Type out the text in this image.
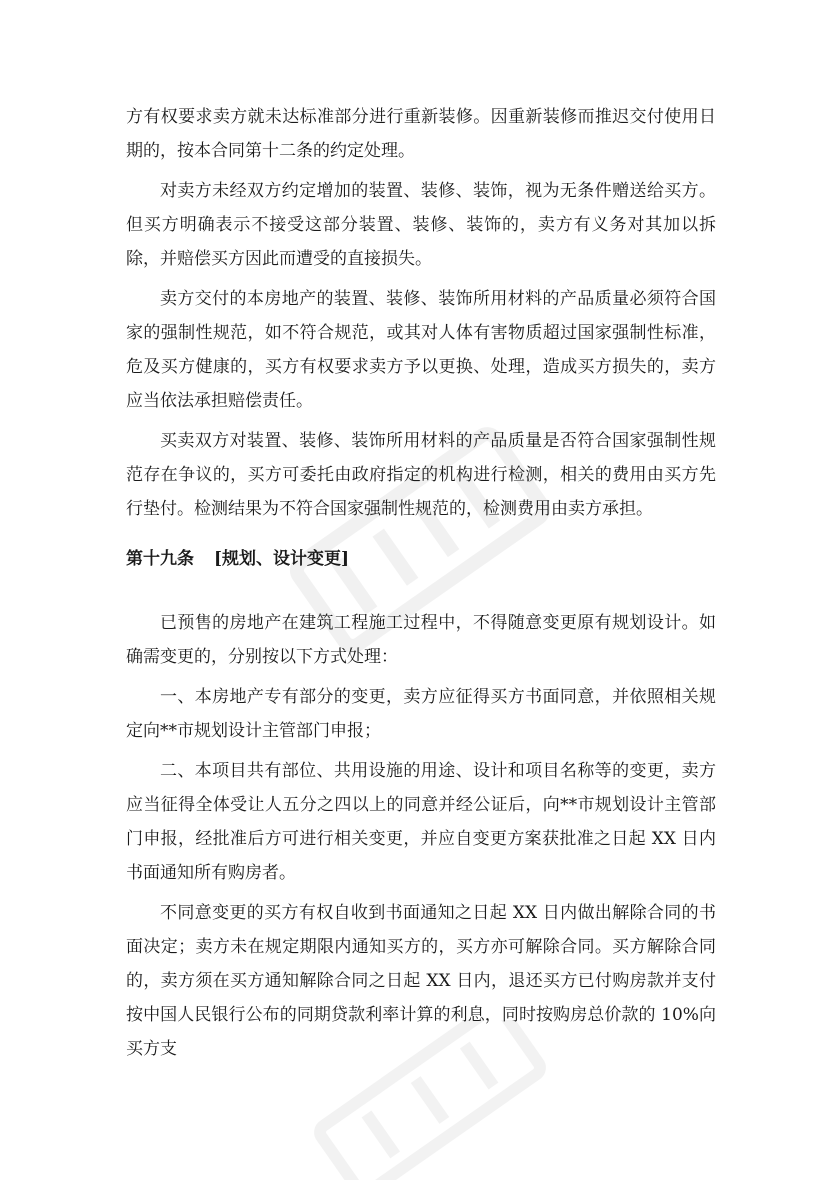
方有权要求卖方就未达标准部分进行重新装修。因重新装修而推迟交付使用日期的，按本合同第十二条的约定处理。

对卖方未经双方约定增加的装置、装修、装饰，视为无条件赠送给买方。但买方明确表示不接受这部分装置、装修、装饰的，卖方有义务对其加以拆除，并赔偿买方因此而遭受的直接损失。

卖方交付的本房地产的装置、装修、装饰所用材料的产品质量必须符合国家的强制性规范，如不符合规范，或其对人体有害物质超过国家强制性标准，危及买方健康的，买方有权要求卖方予以更换、处理，造成买方损失的，卖方应当依法承担赔偿责任。

买卖双方对装置、装修、装饰所用材料的产品质量是否符合国家强制性规范存在争议的，买方可委托由政府指定的机构进行检测，相关的费用由买方先行垫付。检测结果为不符合国家强制性规范的，检测费用由卖方承担。

第十九条 [规划、设计变更]

已预售的房地产在建筑工程施工过程中，不得随意变更原有规划设计。如确需变更的，分别按以下方式处理：

一、本房地产专有部分的变更，卖方应征得买方书面同意，并依照相关规定向**市规划设计主管部门申报；

二、本项目共有部位、共用设施的用途、设计和项目名称等的变更，卖方应当征得全体受让人五分之四以上的同意并经公证后，向**市规划设计主管部门申报，经批准后方可进行相关变更，并应自变更方案获批准之日起 XX 日内书面通知所有购房者。

不同意变更的买方有权自收到书面通知之日起 XX 日内做出解除合同的书面决定；卖方未在规定期限内通知买方的，买方亦可解除合同。买方解除合同的，卖方须在买方通知解除合同之日起 XX 日内，退还买方已付购房款并支付按中国人民银行公布的同期贷款利率计算的利息，同时按购房总价款的 10%向买方支
